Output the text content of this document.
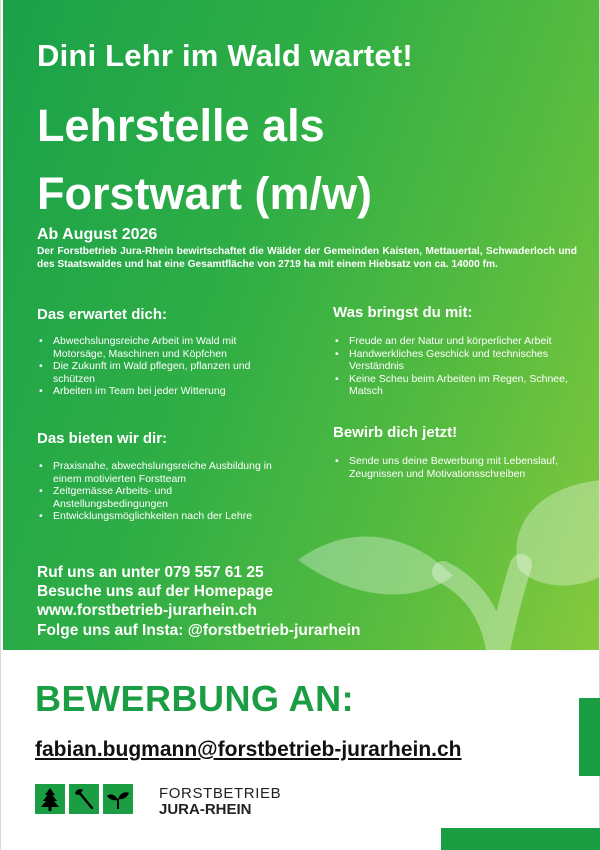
Dini Lehr im Wald wartet!
Lehrstelle als
Forstwart (m/w)
Ab August 2026
Der Forstbetrieb Jura-Rhein bewirtschaftet die Wälder der Gemeinden Kaisten, Mettauertal, Schwaderloch und des Staatswaldes und hat eine Gesamtfläche von 2719 ha mit einem Hiebsatz von ca. 14000 fm.
Das erwartet dich:
• Abwechslungsreiche Arbeit im Wald mit Motorsäge, Maschinen und Köpfchen
• Die Zukunft im Wald pflegen, pflanzen und schützen
• Arbeiten im Team bei jeder Witterung
Das bieten wir dir:
• Praxisnahe, abwechslungsreiche Ausbildung in einem motivierten Forstteam
• Zeitgemässe Arbeits- und Anstellungsbedingungen
• Entwicklungsmöglichkeiten nach der Lehre
Was bringst du mit:
• Freude an der Natur und körperlicher Arbeit
• Handwerkliches Geschick und technisches Verständnis
• Keine Scheu beim Arbeiten im Regen, Schnee, Matsch
Bewirb dich jetzt!
• Sende uns deine Bewerbung mit Lebenslauf, Zeugnissen und Motivationsschreiben
Ruf uns an unter 079 557 61 25
Besuche uns auf der Homepage
www.forstbetrieb-jurarhein.ch
Folge uns auf Insta: @forstbetrieb-jurarhein
BEWERBUNG AN:
fabian.bugmann@forstbetrieb-jurarhein.ch
FORSTBETRIEB
JURA-RHEIN
